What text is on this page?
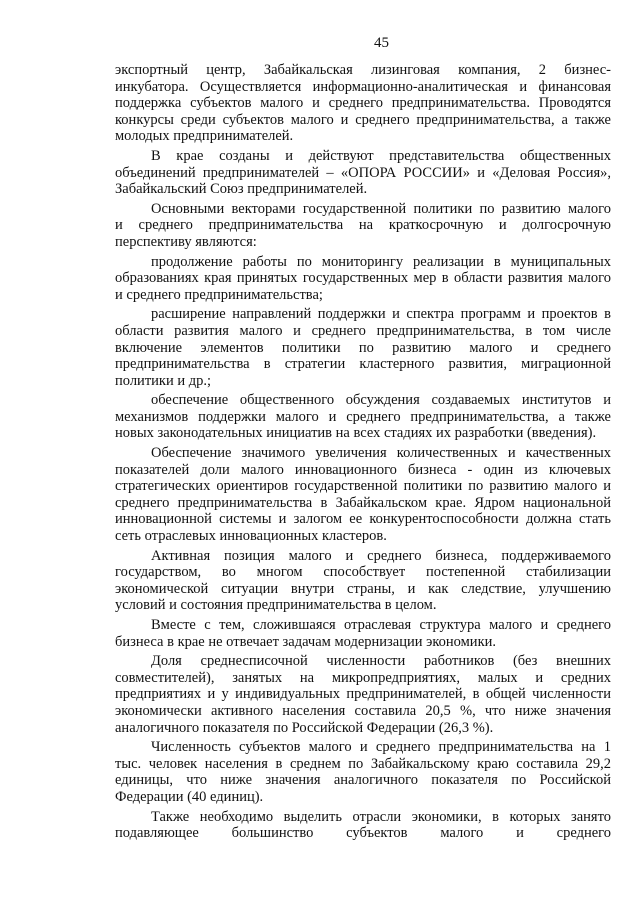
45
экспортный центр, Забайкальская лизинговая компания, 2 бизнес-
инкубатора. Осуществляется информационно-аналитическая и финансовая
поддержка субъектов малого и среднего предпринимательства. Проводятся
конкурсы среди субъектов малого и среднего предпринимательства, а также
молодых предпринимателей.
В крае созданы и действуют представительства общественных
объединений предпринимателей – «ОПОРА РОССИИ» и «Деловая Россия»,
Забайкальский Союз предпринимателей.
Основными векторами государственной политики по развитию малого
и среднего предпринимательства на краткосрочную и долгосрочную
перспективу являются:
продолжение работы по мониторингу реализации в муниципальных
образованиях края принятых государственных мер в области развития малого
и среднего предпринимательства;
расширение направлений поддержки и спектра программ и проектов в
области развития малого и среднего предпринимательства, в том числе
включение элементов политики по развитию малого и среднего
предпринимательства в стратегии кластерного развития, миграционной
политики и др.;
обеспечение общественного обсуждения создаваемых институтов и
механизмов поддержки малого и среднего предпринимательства, а также
новых законодательных инициатив на всех стадиях их разработки (введения).
Обеспечение значимого увеличения количественных и качественных
показателей доли малого инновационного бизнеса - один из ключевых
стратегических ориентиров государственной политики по развитию малого и
среднего предпринимательства в Забайкальском крае. Ядром национальной
инновационной системы и залогом ее конкурентоспособности должна стать
сеть отраслевых инновационных кластеров.
Активная позиция малого и среднего бизнеса, поддерживаемого
государством, во многом способствует постепенной стабилизации
экономической ситуации внутри страны, и как следствие, улучшению
условий и состояния предпринимательства в целом.
Вместе с тем, сложившаяся отраслевая структура малого и среднего
бизнеса в крае не отвечает задачам модернизации экономики.
Доля среднесписочной численности работников (без внешних
совместителей), занятых на микропредприятиях, малых и средних
предприятиях и у индивидуальных предпринимателей, в общей численности
экономически активного населения составила 20,5 %, что ниже значения
аналогичного показателя по Российской Федерации (26,3 %).
Численность субъектов малого и среднего предпринимательства на 1
тыс. человек населения в среднем по Забайкальскому краю составила 29,2
единицы, что ниже значения аналогичного показателя по Российской
Федерации (40 единиц).
Также необходимо выделить отрасли экономики, в которых занято
подавляющее большинство субъектов малого и среднего
